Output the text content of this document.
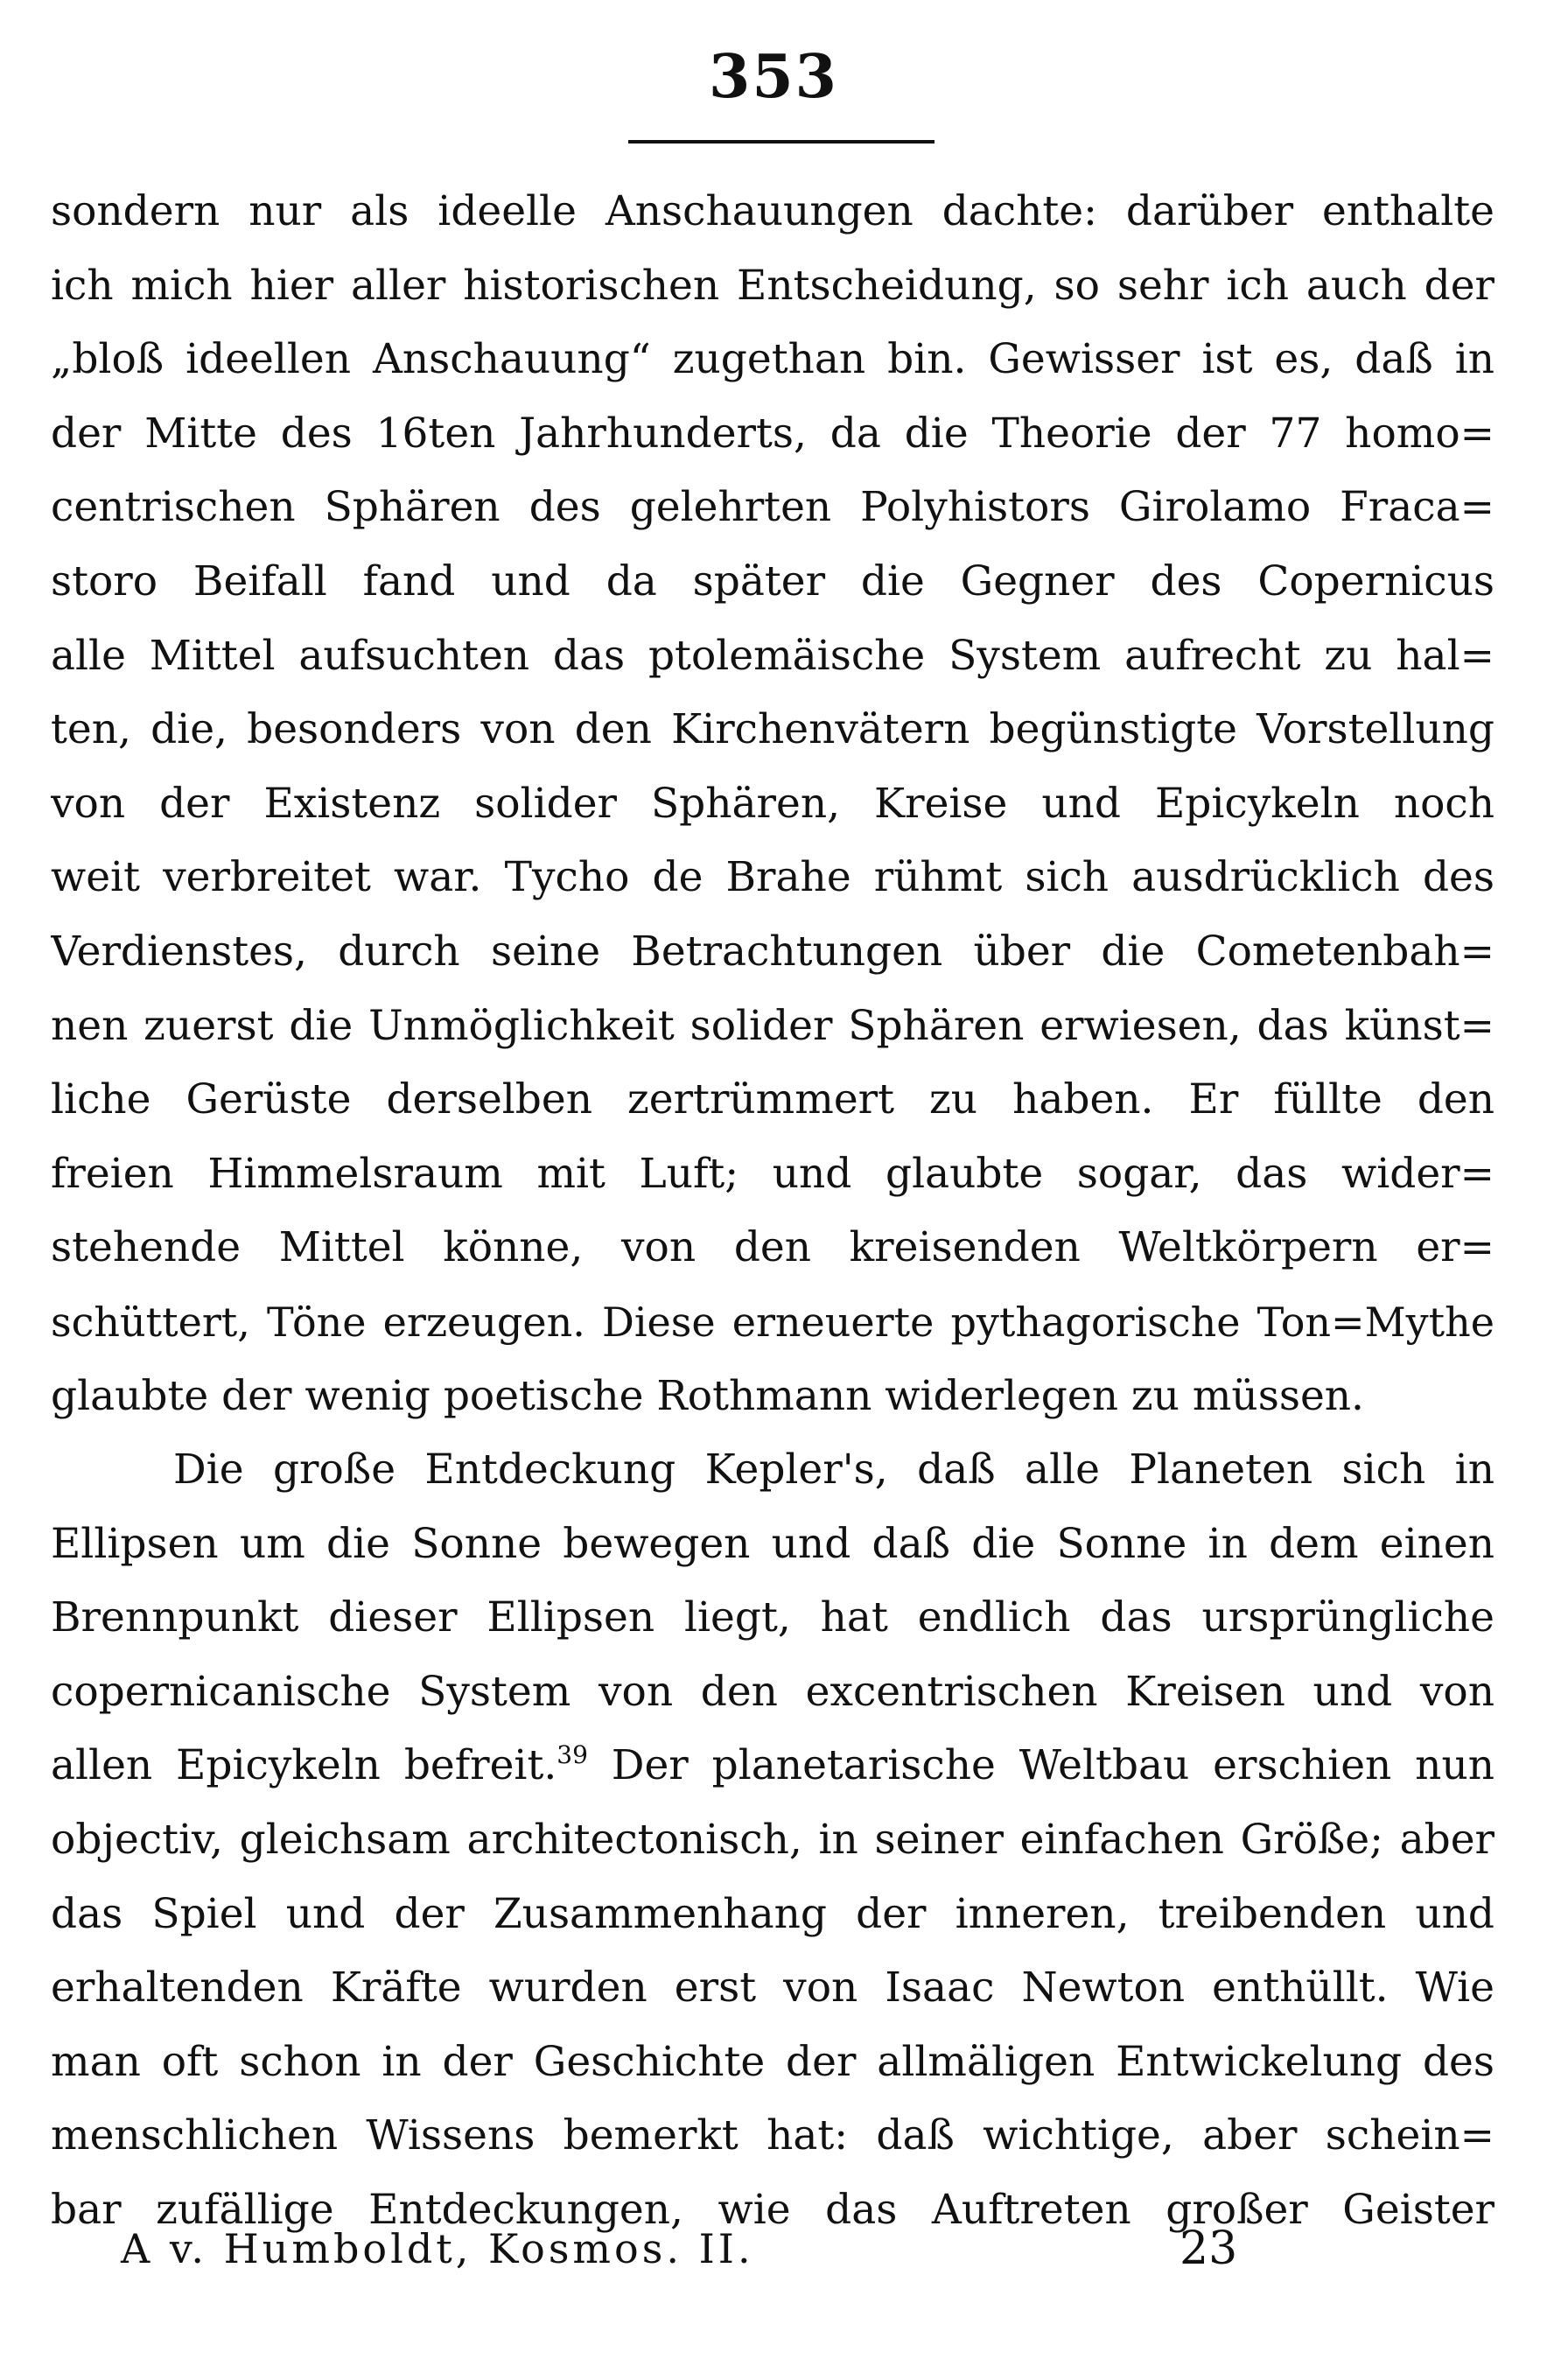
353
sondern nur als ideelle Anschauungen dachte: darüber enthalte
ich mich hier aller historischen Entscheidung, so sehr ich auch der
„bloß ideellen Anschauung“ zugethan bin. Gewisser ist es, daß in
der Mitte des 16ten Jahrhunderts, da die Theorie der 77 homo=
centrischen Sphären des gelehrten Polyhistors Girolamo Fraca=
storo Beifall fand und da später die Gegner des Copernicus
alle Mittel aufsuchten das ptolemäische System aufrecht zu hal=
ten, die, besonders von den Kirchenvätern begünstigte Vorstellung
von der Existenz solider Sphären, Kreise und Epicykeln noch
weit verbreitet war. Tycho de Brahe rühmt sich ausdrücklich des
Verdienstes, durch seine Betrachtungen über die Cometenbah=
nen zuerst die Unmöglichkeit solider Sphären erwiesen, das künst=
liche Gerüste derselben zertrümmert zu haben. Er füllte den
freien Himmelsraum mit Luft; und glaubte sogar, das wider=
stehende Mittel könne, von den kreisenden Weltkörpern er=
schüttert, Töne erzeugen. Diese erneuerte pythagorische Ton=Mythe
glaubte der wenig poetische Rothmann widerlegen zu müssen.
Die große Entdeckung Kepler's, daß alle Planeten sich in
Ellipsen um die Sonne bewegen und daß die Sonne in dem einen
Brennpunkt dieser Ellipsen liegt, hat endlich das ursprüngliche
copernicanische System von den excentrischen Kreisen und von
allen Epicykeln befreit.$^{39}$ Der planetarische Weltbau erschien nun
objectiv, gleichsam architectonisch, in seiner einfachen Größe; aber
das Spiel und der Zusammenhang der inneren, treibenden und
erhaltenden Kräfte wurden erst von Isaac Newton enthüllt. Wie
man oft schon in der Geschichte der allmäligen Entwickelung des
menschlichen Wissens bemerkt hat: daß wichtige, aber schein=
bar zufällige Entdeckungen, wie das Auftreten großer Geister
A v. Humboldt, Kosmos. II.	23
